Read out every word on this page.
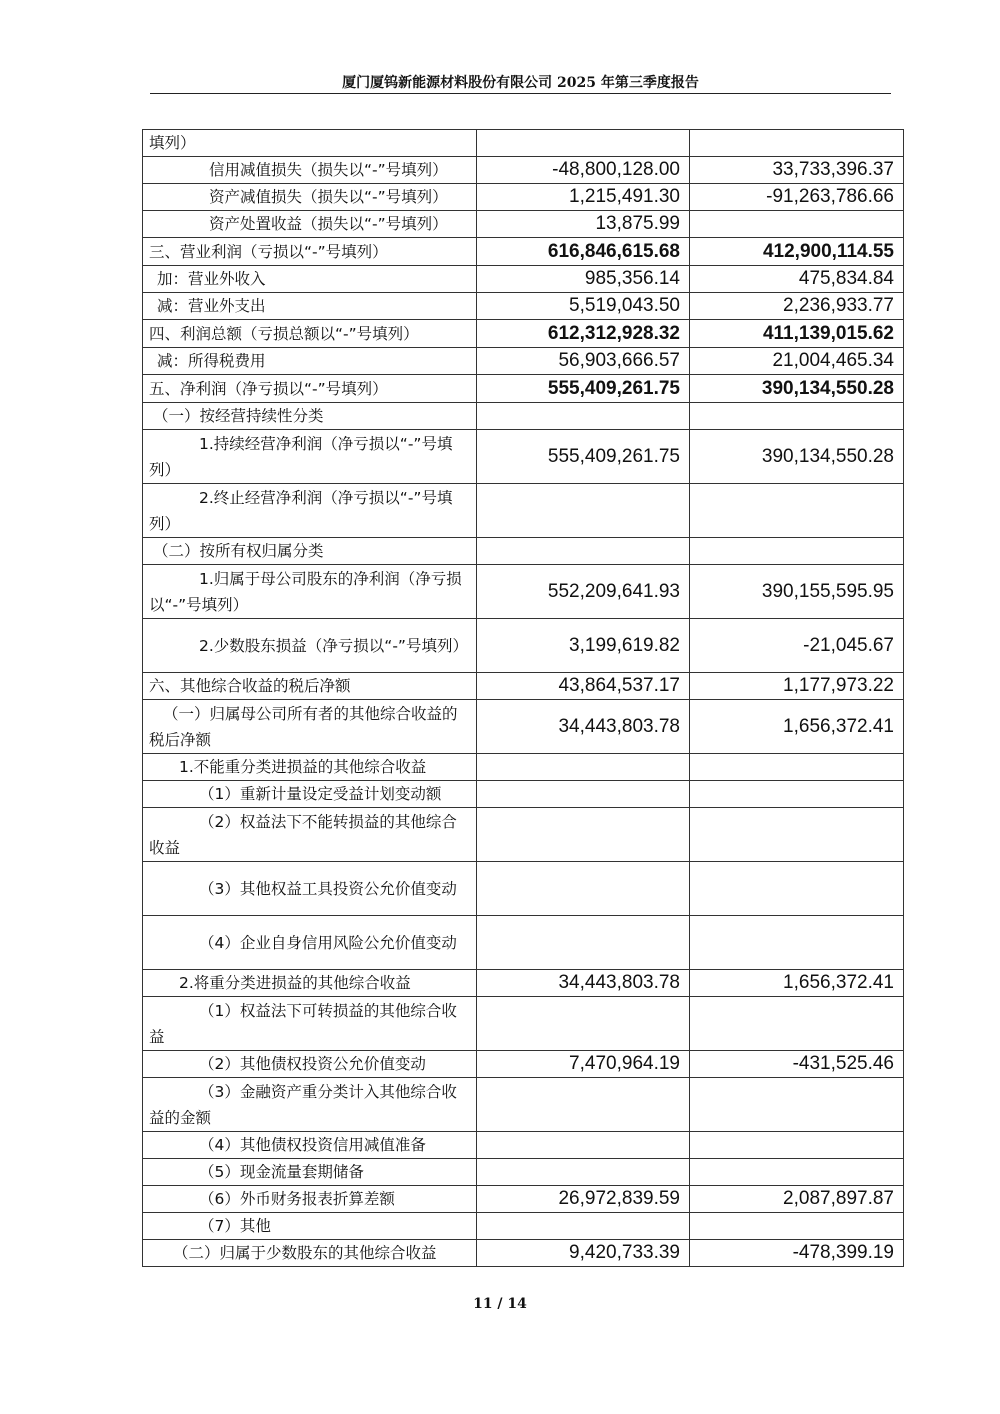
厦门厦钨新能源材料股份有限公司 2025 年第三季度报告
填列）		
信用减值损失（损失以“-”号填列）	-48,800,128.00	33,733,396.37
资产减值损失（损失以“-”号填列）	1,215,491.30	-91,263,786.66
资产处置收益（损失以“-”号填列）	13,875.99	
三、营业利润（亏损以“-”号填列）	616,846,615.68	412,900,114.55
加：营业外收入	985,356.14	475,834.84
减：营业外支出	5,519,043.50	2,236,933.77
四、利润总额（亏损总额以“-”号填列）	612,312,928.32	411,139,015.62
减：所得税费用	56,903,666.57	21,004,465.34
五、净利润（净亏损以“-”号填列）	555,409,261.75	390,134,550.28
（一）按经营持续性分类		
1.持续经营净利润（净亏损以“-”号填列）	555,409,261.75	390,134,550.28
2.终止经营净利润（净亏损以“-”号填列）		
（二）按所有权归属分类		
1.归属于母公司股东的净利润（净亏损以“-”号填列）	552,209,641.93	390,155,595.95
2.少数股东损益（净亏损以“-”号填列）	3,199,619.82	-21,045.67
六、其他综合收益的税后净额	43,864,537.17	1,177,973.22
（一）归属母公司所有者的其他综合收益的税后净额	34,443,803.78	1,656,372.41
1.不能重分类进损益的其他综合收益		
（1）重新计量设定受益计划变动额		
（2）权益法下不能转损益的其他综合收益		
（3）其他权益工具投资公允价值变动		
（4）企业自身信用风险公允价值变动		
2.将重分类进损益的其他综合收益	34,443,803.78	1,656,372.41
（1）权益法下可转损益的其他综合收益		
（2）其他债权投资公允价值变动	7,470,964.19	-431,525.46
（3）金融资产重分类计入其他综合收益的金额		
（4）其他债权投资信用减值准备		
（5）现金流量套期储备		
（6）外币财务报表折算差额	26,972,839.59	2,087,897.87
（7）其他		
（二）归属于少数股东的其他综合收益	9,420,733.39	-478,399.19
11 / 14
